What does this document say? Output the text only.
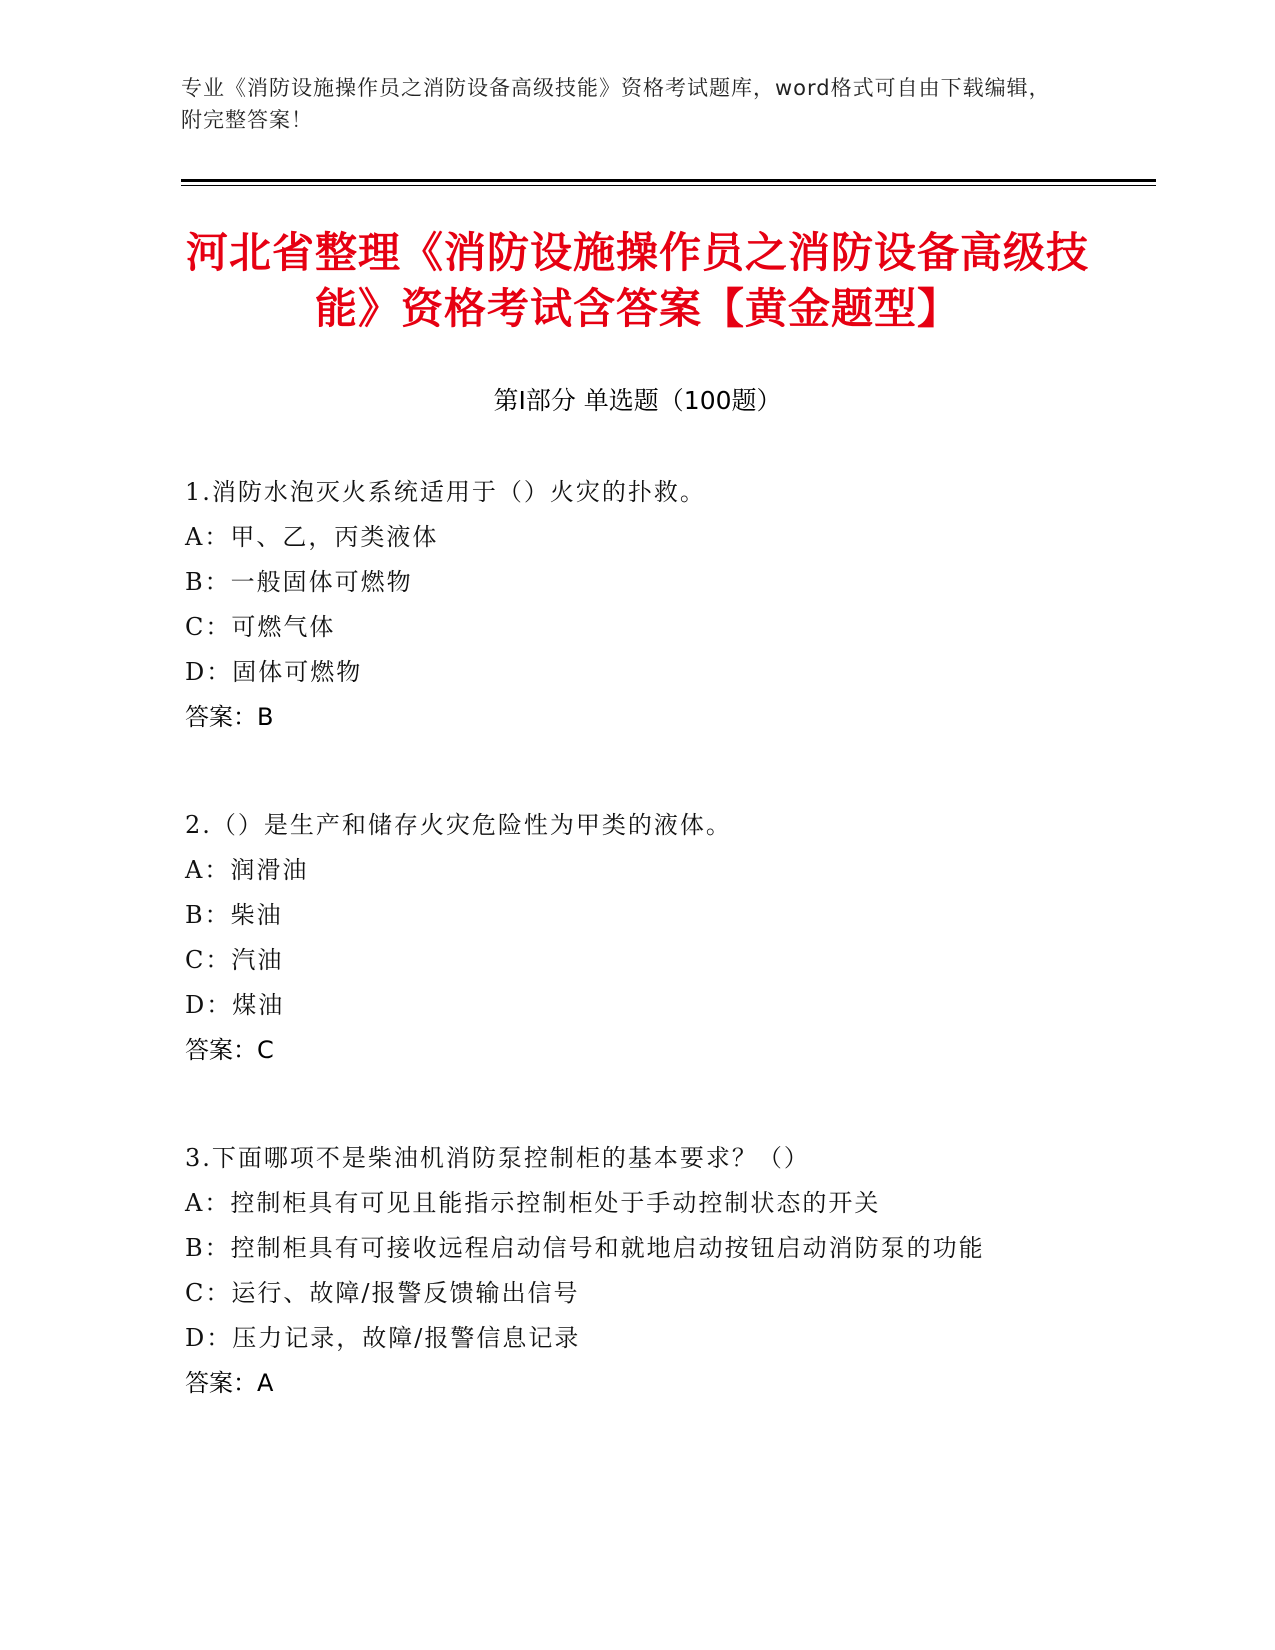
专业《消防设施操作员之消防设备高级技能》资格考试题库，word格式可自由下载编辑，附完整答案！
河北省整理《消防设施操作员之消防设备高级技能》资格考试含答案【黄金题型】
第Ⅰ部分 单选题（100题）
1.消防水泡灭火系统适用于（）火灾的扑救。
A：甲、乙，丙类液体
B：一般固体可燃物
C：可燃气体
D：固体可燃物
答案：B
2.（）是生产和储存火灾危险性为甲类的液体。
A：润滑油
B：柴油
C：汽油
D：煤油
答案：C
3.下面哪项不是柴油机消防泵控制柜的基本要求？（）
A：控制柜具有可见且能指示控制柜处于手动控制状态的开关
B：控制柜具有可接收远程启动信号和就地启动按钮启动消防泵的功能
C：运行、故障/报警反馈输出信号
D：压力记录，故障/报警信息记录
答案：A
